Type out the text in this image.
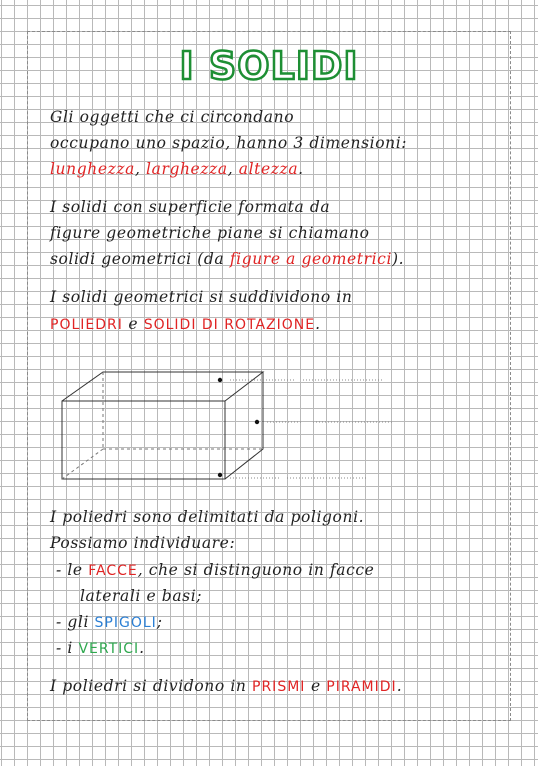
I SOLIDI
Gli oggetti che ci circondano
occupano uno spazio, hanno 3 dimensioni:
lunghezza, larghezza, altezza.
I solidi con superficie formata da
figure geometriche piane si chiamano
solidi geometrici (da figure a geometrici).
I solidi geometrici si suddividono in
POLIEDRI e SOLIDI DI ROTAZIONE.
I poliedri sono delimitati da poligoni.
Possiamo individuare:
- le FACCE, che si distinguono in facce
laterali e basi;
- gli SPIGOLI;
- i VERTICI.
I poliedri si dividono in PRISMI e PIRAMIDI.
